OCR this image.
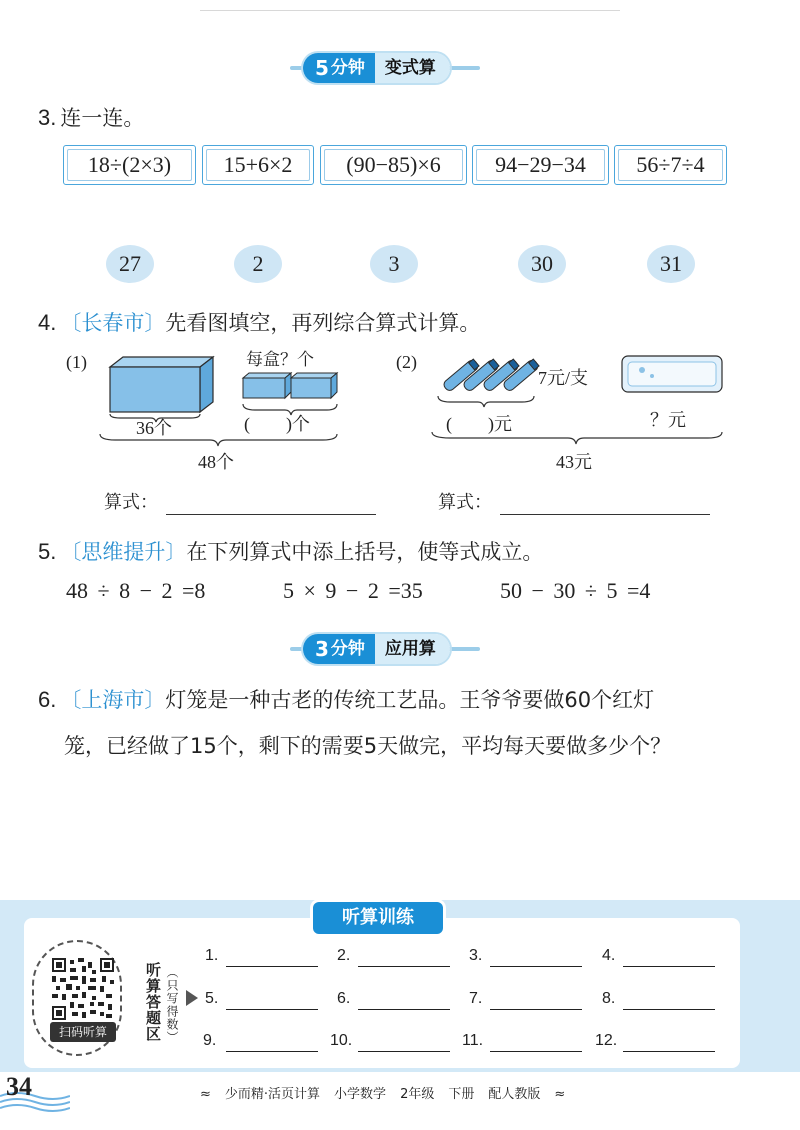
5 分钟	变式算
3. 连一连。
18÷(2×3)	15+6×2	(90−85)×6	94−29−34	56÷7÷4
27	2	3	30	31
4. 〔长春市〕先看图填空，再列综合算式计算。
(1)	每盒？个
36个	(　　)个
48个
算式：
(2)
7元/支
(　　)元	？元
43元
算式：
5. 〔思维提升〕在下列算式中添上括号，使等式成立。
48 ÷ 8 − 2 =8	5 × 9 − 2 =35	50 − 30 ÷ 5 =4
3 分钟	应用算
6. 〔上海市〕灯笼是一种古老的传统工艺品。王爷爷要做60个红灯
笼，已经做了15个，剩下的需要5天做完，平均每天要做多少个？
听算训练
扫码听算	听算答题区 （只写得数）
1.	2.	3.	4.
5.	6.	7.	8.
9.	10.	11.	12.
34	≈ 少而精·活页计算 小学数学 2年级 下册 配人教版 ≈
